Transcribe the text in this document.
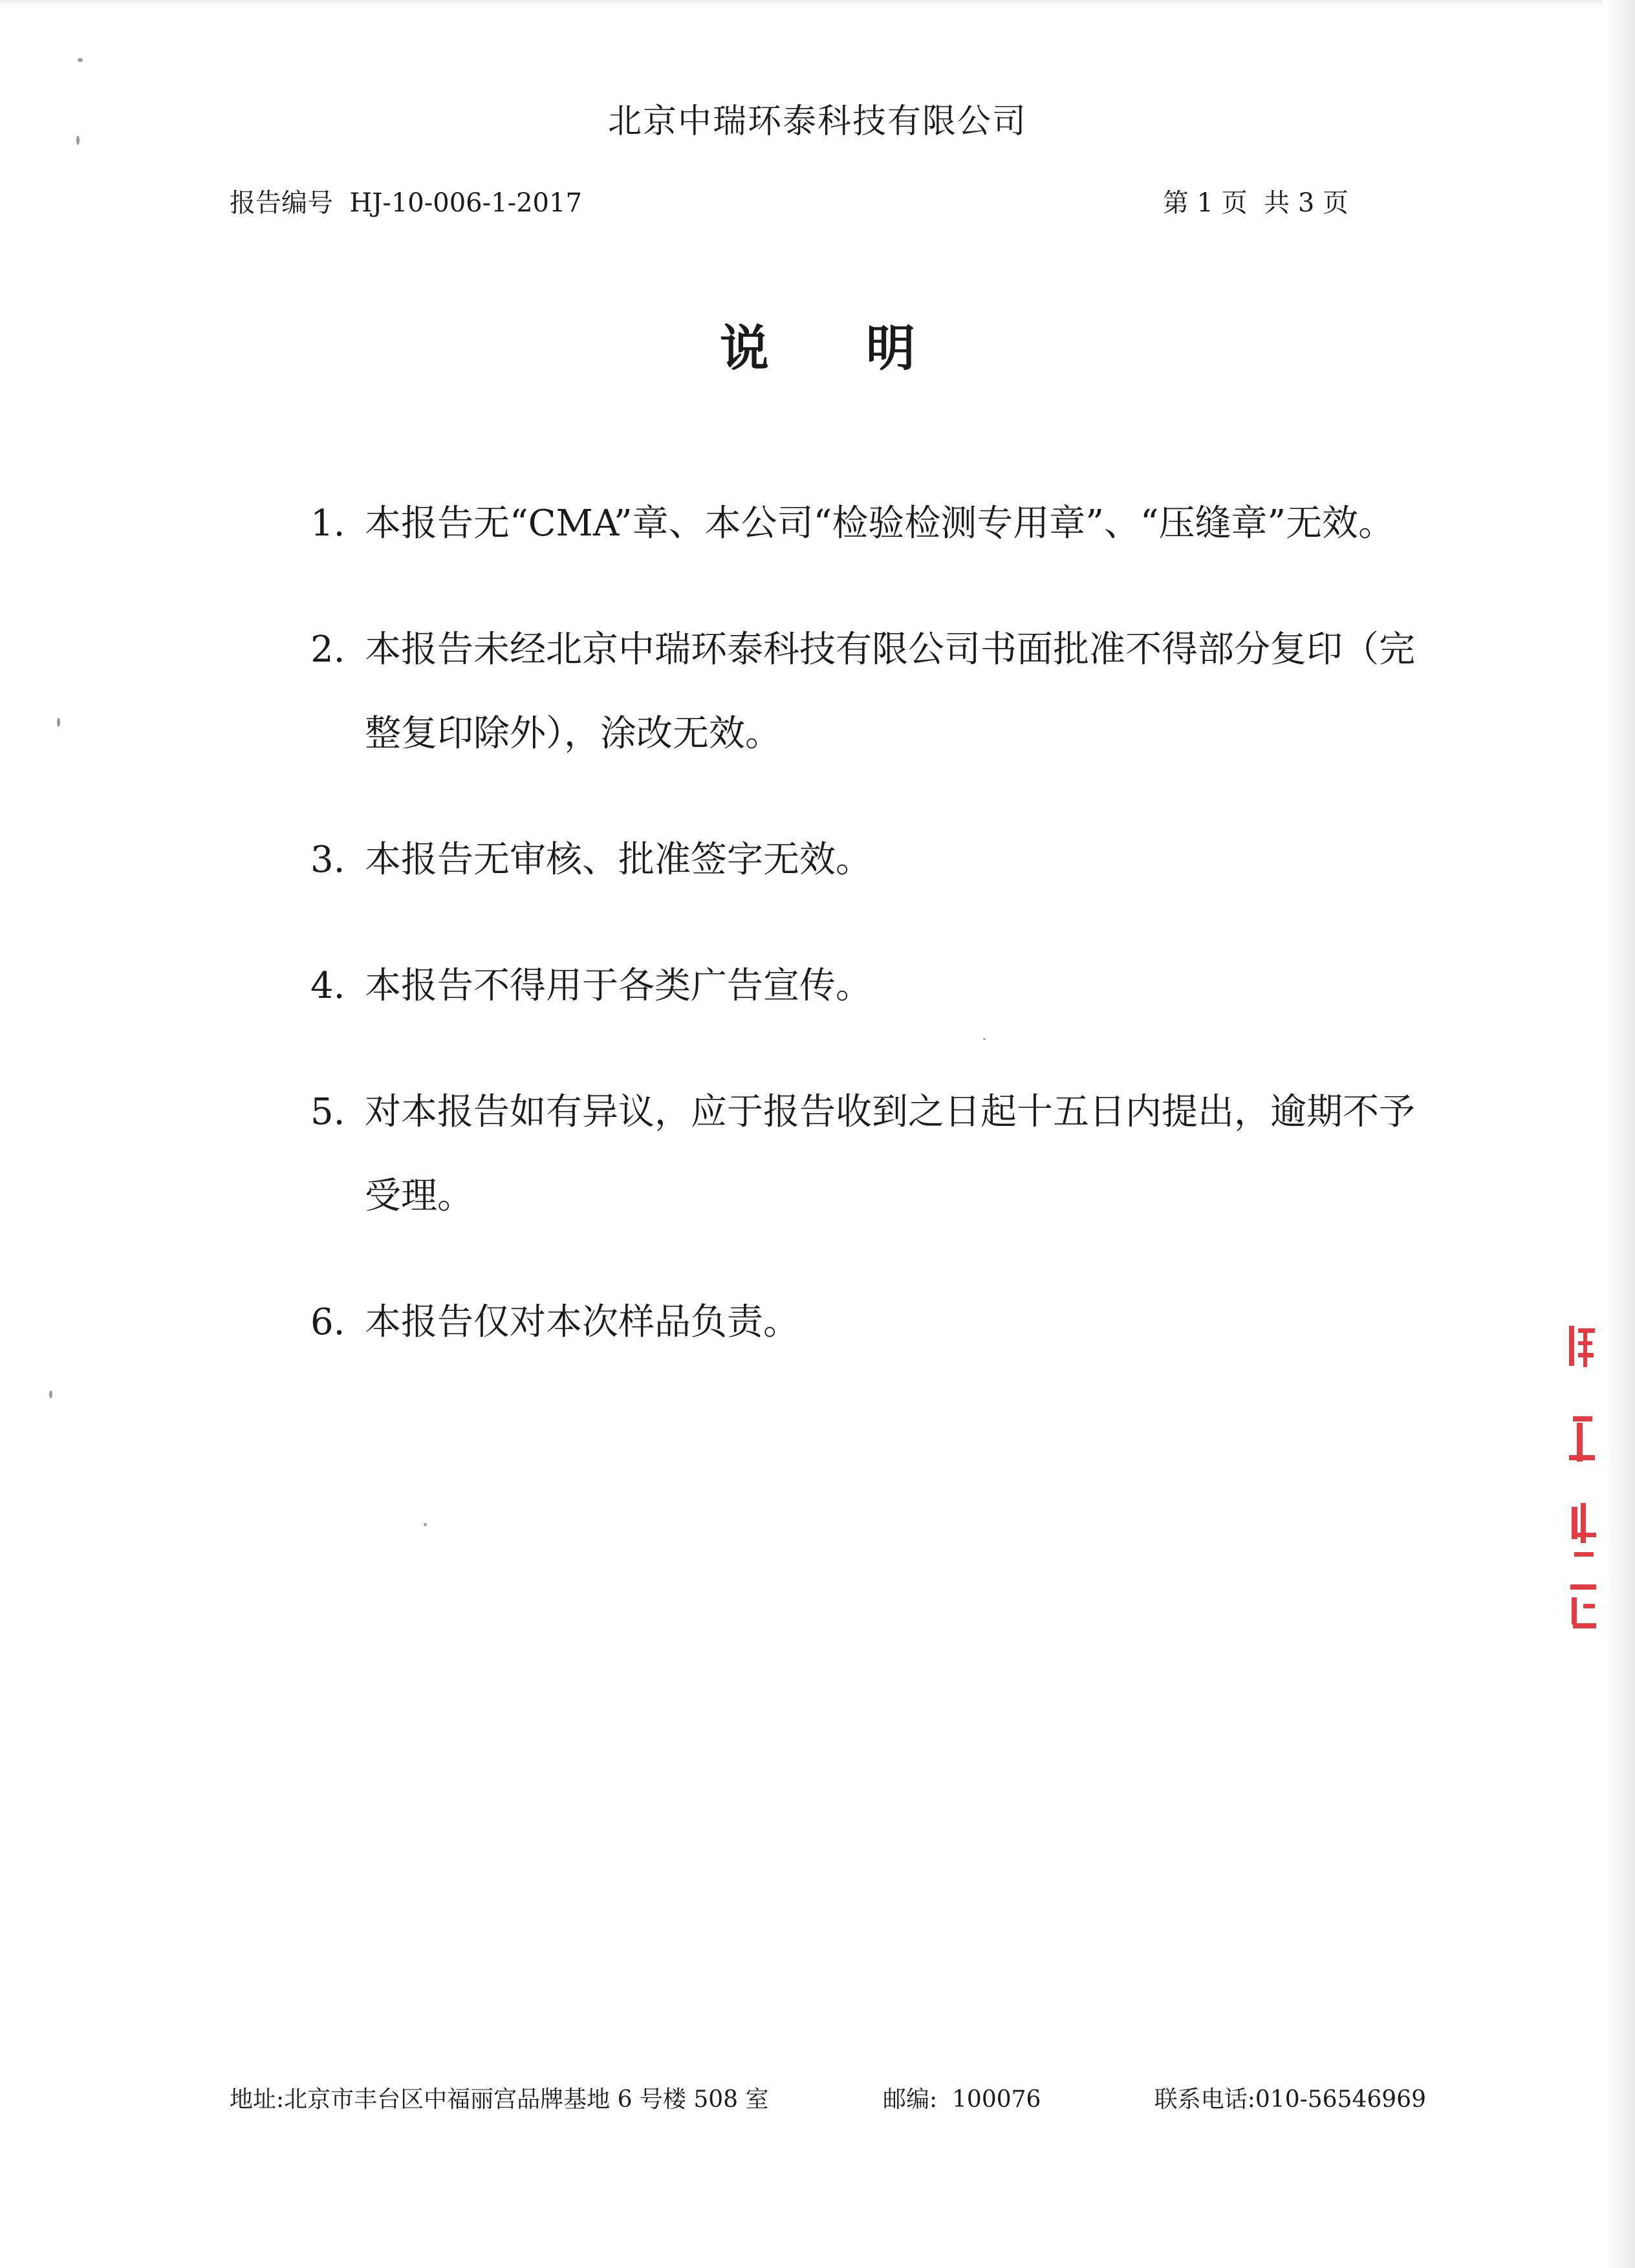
北京中瑞环泰科技有限公司
报告编号  HJ-10-006-1-2017	第 1 页  共 3 页
说明
1. 本报告无“CMA”章、本公司“检验检测专用章”、“压缝章”无效。
2. 本报告未经北京中瑞环泰科技有限公司书面批准不得部分复印（完整复印除外），涂改无效。
3. 本报告无审核、批准签字无效。
4. 本报告不得用于各类广告宣传。
5. 对本报告如有异议，应于报告收到之日起十五日内提出，逾期不予受理。
6. 本报告仅对本次样品负责。
地址:北京市丰台区中福丽宫品牌基地 6 号楼 508 室	邮编:  100076	联系电话:010-56546969
